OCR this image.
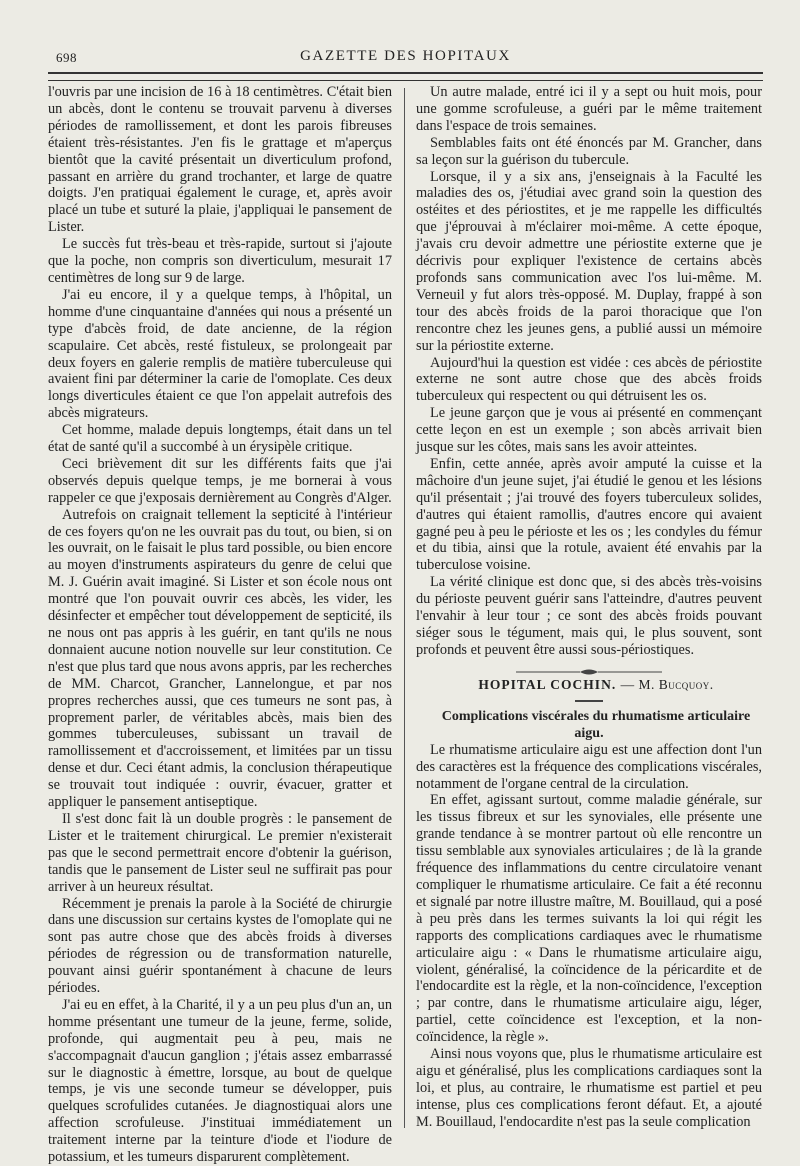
698	GAZETTE DES HOPITAUX

l'ouvris par une incision de 16 à 18 centimètres. C'était bien un abcès, dont le contenu se trouvait parvenu à diverses périodes de ramollissement, et dont les parois fibreuses étaient très-résistantes. J'en fis le grattage et m'aperçus bientôt que la cavité présentait un diverticulum profond, passant en arrière du grand trochanter, et large de quatre doigts. J'en pratiquai également le curage, et, après avoir placé un tube et suturé la plaie, j'appliquai le pansement de Lister.

Le succès fut très-beau et très-rapide, surtout si j'ajoute que la poche, non compris son diverticulum, mesurait 17 centimètres de long sur 9 de large.

J'ai eu encore, il y a quelque temps, à l'hôpital, un homme d'une cinquantaine d'années qui nous a présenté un type d'abcès froid, de date ancienne, de la région scapulaire. Cet abcès, resté fistuleux, se prolongeait par deux foyers en galerie remplis de matière tuberculeuse qui avaient fini par déterminer la carie de l'omoplate. Ces deux longs diverticules étaient ce que l'on appelait autrefois des abcès migrateurs.

Cet homme, malade depuis longtemps, était dans un tel état de santé qu'il a succombé à un érysipèle critique.

Ceci brièvement dit sur les différents faits que j'ai observés depuis quelque temps, je me bornerai à vous rappeler ce que j'exposais dernièrement au Congrès d'Alger.

Autrefois on craignait tellement la septicité à l'intérieur de ces foyers qu'on ne les ouvrait pas du tout, ou bien, si on les ouvrait, on le faisait le plus tard possible, ou bien encore au moyen d'instruments aspirateurs du genre de celui que M. J. Guérin avait imaginé. Si Lister et son école nous ont montré que l'on pouvait ouvrir ces abcès, les vider, les désinfecter et empêcher tout développement de septicité, ils ne nous ont pas appris à les guérir, en tant qu'ils ne nous donnaient aucune notion nouvelle sur leur constitution. Ce n'est que plus tard que nous avons appris, par les recherches de MM. Charcot, Grancher, Lannelongue, et par nos propres recherches aussi, que ces tumeurs ne sont pas, à proprement parler, de véritables abcès, mais bien des gommes tuberculeuses, subissant un travail de ramollissement et d'accroissement, et limitées par un tissu dense et dur. Ceci étant admis, la conclusion thérapeutique se trouvait tout indiquée : ouvrir, évacuer, gratter et appliquer le pansement antiseptique.

Il s'est donc fait là un double progrès : le pansement de Lister et le traitement chirurgical. Le premier n'existerait pas que le second permettrait encore d'obtenir la guérison, tandis que le pansement de Lister seul ne suffirait pas pour arriver à un heureux résultat.

Récemment je prenais la parole à la Société de chirurgie dans une discussion sur certains kystes de l'omoplate qui ne sont pas autre chose que des abcès froids à diverses périodes de régression ou de transformation naturelle, pouvant ainsi guérir spontanément à chacune de leurs périodes.

J'ai eu en effet, à la Charité, il y a un peu plus d'un an, un homme présentant une tumeur de la jeune, ferme, solide, profonde, qui augmentait peu à peu, mais ne s'accompagnait d'aucun ganglion ; j'étais assez embarrassé sur le diagnostic à émettre, lorsque, au bout de quelque temps, je vis une seconde tumeur se développer, puis quelques scrofulides cutanées. Je diagnostiquai alors une affection scrofuleuse. J'instituai immédiatement un traitement interne par la teinture d'iode et l'iodure de potassium, et les tumeurs disparurent complètement.

Un autre malade, entré ici il y a sept ou huit mois, pour une gomme scrofuleuse, a guéri par le même traitement dans l'espace de trois semaines.

Semblables faits ont été énoncés par M. Grancher, dans sa leçon sur la guérison du tubercule.

Lorsque, il y a six ans, j'enseignais à la Faculté les maladies des os, j'étudiai avec grand soin la question des ostéites et des périostites, et je me rappelle les difficultés que j'éprouvai à m'éclairer moi-même. A cette époque, j'avais cru devoir admettre une périostite externe que je décrivis pour expliquer l'existence de certains abcès profonds sans communication avec l'os lui-même. M. Verneuil y fut alors très-opposé. M. Duplay, frappé à son tour des abcès froids de la paroi thoracique que l'on rencontre chez les jeunes gens, a publié aussi un mémoire sur la périostite externe.

Aujourd'hui la question est vidée : ces abcès de périostite externe ne sont autre chose que des abcès froids tuberculeux qui respectent ou qui détruisent les os.

Le jeune garçon que je vous ai présenté en commençant cette leçon en est un exemple ; son abcès arrivait bien jusque sur les côtes, mais sans les avoir atteintes.

Enfin, cette année, après avoir amputé la cuisse et la mâchoire d'un jeune sujet, j'ai étudié le genou et les lésions qu'il présentait ; j'ai trouvé des foyers tuberculeux solides, d'autres qui étaient ramollis, d'autres encore qui avaient gagné peu à peu le périoste et les os ; les condyles du fémur et du tibia, ainsi que la rotule, avaient été envahis par la tuberculose voisine.

La vérité clinique est donc que, si des abcès très-voisins du périoste peuvent guérir sans l'atteindre, d'autres peuvent l'envahir à leur tour ; ce sont des abcès froids pouvant siéger sous le tégument, mais qui, le plus souvent, sont profonds et peuvent être aussi sous-périostiques.

HOPITAL COCHIN. — M. Bucquoy.

Complications viscérales du rhumatisme articulaire aigu.

Le rhumatisme articulaire aigu est une affection dont l'un des caractères est la fréquence des complications viscérales, notamment de l'organe central de la circulation.

En effet, agissant surtout, comme maladie générale, sur les tissus fibreux et sur les synoviales, elle présente une grande tendance à se montrer partout où elle rencontre un tissu semblable aux synoviales articulaires ; de là la grande fréquence des inflammations du centre circulatoire venant compliquer le rhumatisme articulaire. Ce fait a été reconnu et signalé par notre illustre maître, M. Bouillaud, qui a posé à peu près dans les termes suivants la loi qui régit les rapports des complications cardiaques avec le rhumatisme articulaire aigu : « Dans le rhumatisme articulaire aigu, violent, généralisé, la coïncidence de la péricardite et de l'endocardite est la règle, et la non-coïncidence, l'exception ; par contre, dans le rhumatisme articulaire aigu, léger, partiel, cette coïncidence est l'exception, et la non-coïncidence, la règle ».

Ainsi nous voyons que, plus le rhumatisme articulaire est aigu et généralisé, plus les complications cardiaques sont la loi, et plus, au contraire, le rhumatisme est partiel et peu intense, plus ces complications feront défaut. Et, a ajouté M. Bouillaud, l'endocardite n'est pas la seule complication
